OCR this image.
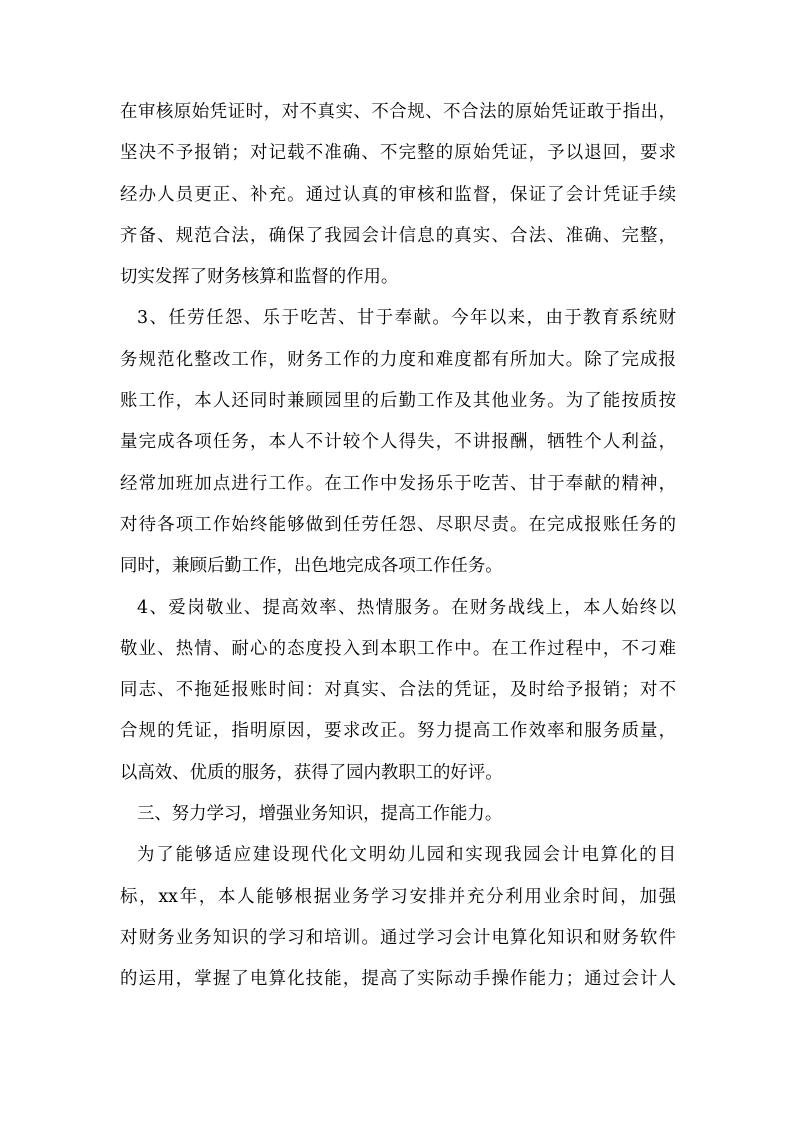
在审核原始凭证时，对不真实、不合规、不合法的原始凭证敢于指出，
坚决不予报销；对记载不准确、不完整的原始凭证，予以退回，要求
经办人员更正、补充。通过认真的审核和监督，保证了会计凭证手续
齐备、规范合法，确保了我园会计信息的真实、合法、准确、完整，
切实发挥了财务核算和监督的作用。
3、任劳任怨、乐于吃苦、甘于奉献。今年以来，由于教育系统财
务规范化整改工作，财务工作的力度和难度都有所加大。除了完成报
账工作，本人还同时兼顾园里的后勤工作及其他业务。为了能按质按
量完成各项任务，本人不计较个人得失，不讲报酬，牺牲个人利益，
经常加班加点进行工作。在工作中发扬乐于吃苦、甘于奉献的精神，
对待各项工作始终能够做到任劳任怨、尽职尽责。在完成报账任务的
同时，兼顾后勤工作，出色地完成各项工作任务。
4、爱岗敬业、提高效率、热情服务。在财务战线上，本人始终以
敬业、热情、耐心的态度投入到本职工作中。在工作过程中，不刁难
同志、不拖延报账时间：对真实、合法的凭证，及时给予报销；对不
合规的凭证，指明原因，要求改正。努力提高工作效率和服务质量，
以高效、优质的服务，获得了园内教职工的好评。
三、努力学习，增强业务知识，提高工作能力。
为了能够适应建设现代化文明幼儿园和实现我园会计电算化的目
标，xx年，本人能够根据业务学习安排并充分利用业余时间，加强
对财务业务知识的学习和培训。通过学习会计电算化知识和财务软件
的运用，掌握了电算化技能，提高了实际动手操作能力；通过会计人
